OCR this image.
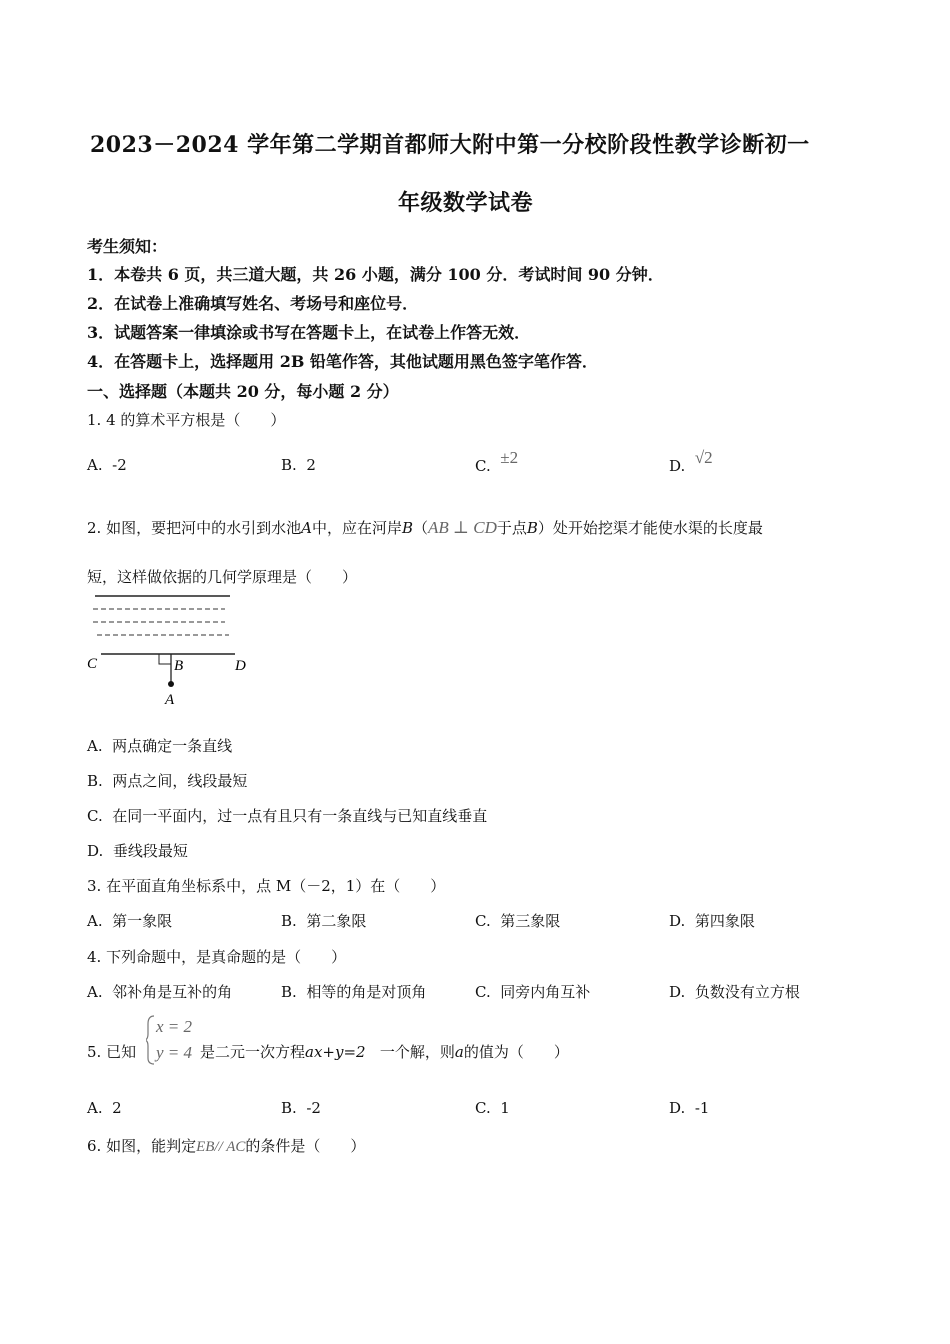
2023－2024 学年第二学期首都师大附中第一分校阶段性教学诊断初一
年级数学试卷
考生须知：
1．本卷共 6 页，共三道大题，共 26 小题，满分 100 分．考试时间 90 分钟．
2．在试卷上准确填写姓名、考场号和座位号．
3．试题答案一律填涂或书写在答题卡上，在试卷上作答无效．
4．在答题卡上，选择题用 2B 铅笔作答，其他试题用黑色签字笔作答．
一、选择题（本题共 20 分，每小题 2 分）
1. 4 的算术平方根是（　　）
A. -2	B. 2	C. ±2	D. √2
2. 如图，要把河中的水引到水池A中，应在河岸B（AB ⊥ CD于点B）处开始挖渠才能使水渠的长度最
短，这样做依据的几何学原理是（　　）
C	B	D
A
A. 两点确定一条直线
B. 两点之间，线段最短
C. 在同一平面内，过一点有且只有一条直线与已知直线垂直
D. 垂线段最短
3. 在平面直角坐标系中，点 M（－2，1）在（　　）
A. 第一象限	B. 第二象限	C. 第三象限	D. 第四象限
4. 下列命题中，是真命题的是（　　）
A. 邻补角是互补的角	B. 相等的角是对顶角	C. 同旁内角互补	D. 负数没有立方根
5. 已知
x = 2
y = 4 是二元一次方程ax+y=2 一个解，则a的值为（　　）
A. 2	B. -2	C. 1	D. -1
6. 如图，能判定EB// AC的条件是（　　）
